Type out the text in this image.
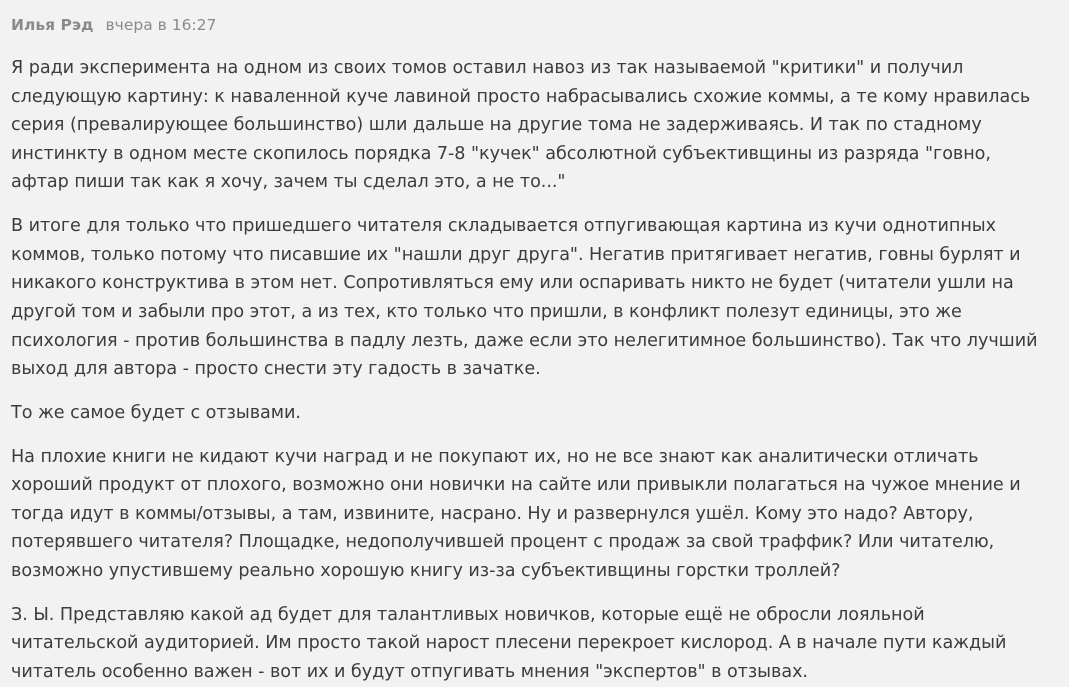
Илья Рэд вчера в 16:27

Я ради эксперимента на одном из своих томов оставил навоз из так называемой "критики" и получил следующую картину: к наваленной куче лавиной просто набрасывались схожие коммы, а те кому нравилась серия (превалирующее большинство) шли дальше на другие тома не задерживаясь. И так по стадному инстинкту в одном месте скопилось порядка 7-8 "кучек" абсолютной субъективщины из разряда "говно, афтар пиши так как я хочу, зачем ты сделал это, а не то..."

В итоге для только что пришедшего читателя складывается отпугивающая картина из кучи однотипных коммов, только потому что писавшие их "нашли друг друга". Негатив притягивает негатив, говны бурлят и никакого конструктива в этом нет. Сопротивляться ему или оспаривать никто не будет (читатели ушли на другой том и забыли про этот, а из тех, кто только что пришли, в конфликт полезут единицы, это же психология - против большинства в падлу лезть, даже если это нелегитимное большинство). Так что лучший выход для автора - просто снести эту гадость в зачатке.

То же самое будет с отзывами.

На плохие книги не кидают кучи наград и не покупают их, но не все знают как аналитически отличать хороший продукт от плохого, возможно они новички на сайте или привыкли полагаться на чужое мнение и тогда идут в коммы/отзывы, а там, извините, насрано. Ну и развернулся ушёл. Кому это надо? Автору, потерявшего читателя? Площадке, недополучившей процент с продаж за свой траффик? Или читателю, возможно упустившему реально хорошую книгу из-за субъективщины горстки троллей?

З. Ы. Представляю какой ад будет для талантливых новичков, которые ещё не обросли лояльной читательской аудиторией. Им просто такой нарост плесени перекроет кислород. А в начале пути каждый читатель особенно важен - вот их и будут отпугивать мнения "экспертов" в отзывах.
